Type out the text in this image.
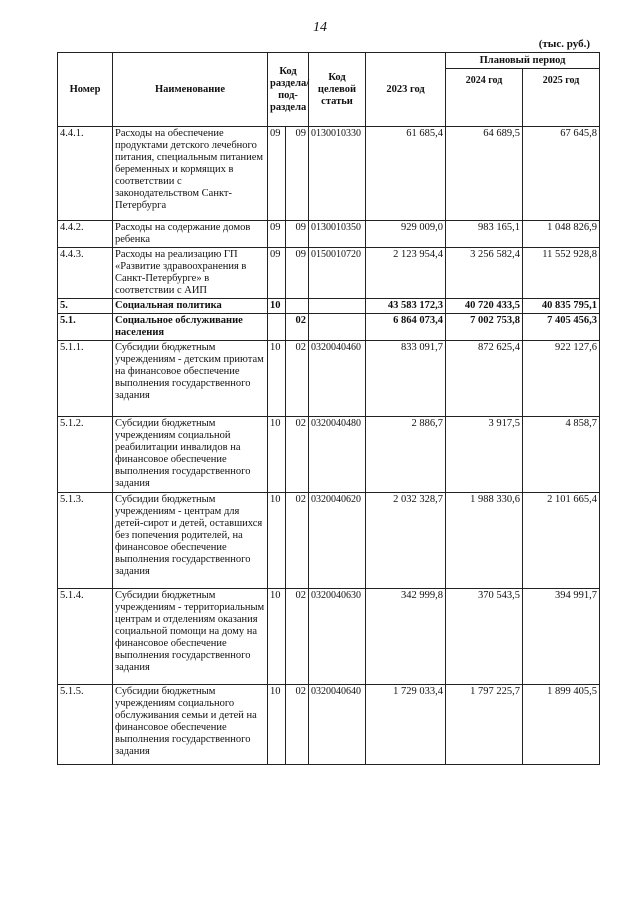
14
(тыс. руб.)
Номер	Наименование	Код раздела/ под- раздела		Код целевой статьи	2023 год	Плановый период	
						2024 год	2025 год
4.4.1.	Расходы на обеспечение продуктами детского лечебного питания, специальным питанием беременных и кормящих в соответствии с законодательством Санкт-Петербурга	09	09	0130010330	61 685,4	64 689,5	67 645,8
4.4.2.	Расходы на содержание домов ребенка	09	09	0130010350	929 009,0	983 165,1	1 048 826,9
4.4.3.	Расходы на реализацию ГП «Развитие здравоохранения в Санкт-Петербурге» в соответствии с АИП	09	09	0150010720	2 123 954,4	3 256 582,4	11 552 928,8
5.	Социальная политика	10			43 583 172,3	40 720 433,5	40 835 795,1
5.1.	Социальное обслуживание населения		02		6 864 073,4	7 002 753,8	7 405 456,3
5.1.1.	Субсидии бюджетным учреждениям - детским приютам на финансовое обеспечение выполнения государственного задания	10	02	0320040460	833 091,7	872 625,4	922 127,6
5.1.2.	Субсидии бюджетным учреждениям социальной реабилитации инвалидов на финансовое обеспечение выполнения государственного задания	10	02	0320040480	2 886,7	3 917,5	4 858,7
5.1.3.	Субсидии бюджетным учреждениям - центрам для детей-сирот и детей, оставшихся без попечения родителей, на финансовое обеспечение выполнения государственного задания	10	02	0320040620	2 032 328,7	1 988 330,6	2 101 665,4
5.1.4.	Субсидии бюджетным учреждениям - территориальным центрам и отделениям оказания социальной помощи на дому на финансовое обеспечение выполнения государственного задания	10	02	0320040630	342 999,8	370 543,5	394 991,7
5.1.5.	Субсидии бюджетным учреждениям социального обслуживания семьи и детей на финансовое обеспечение выполнения государственного задания	10	02	0320040640	1 729 033,4	1 797 225,7	1 899 405,5
